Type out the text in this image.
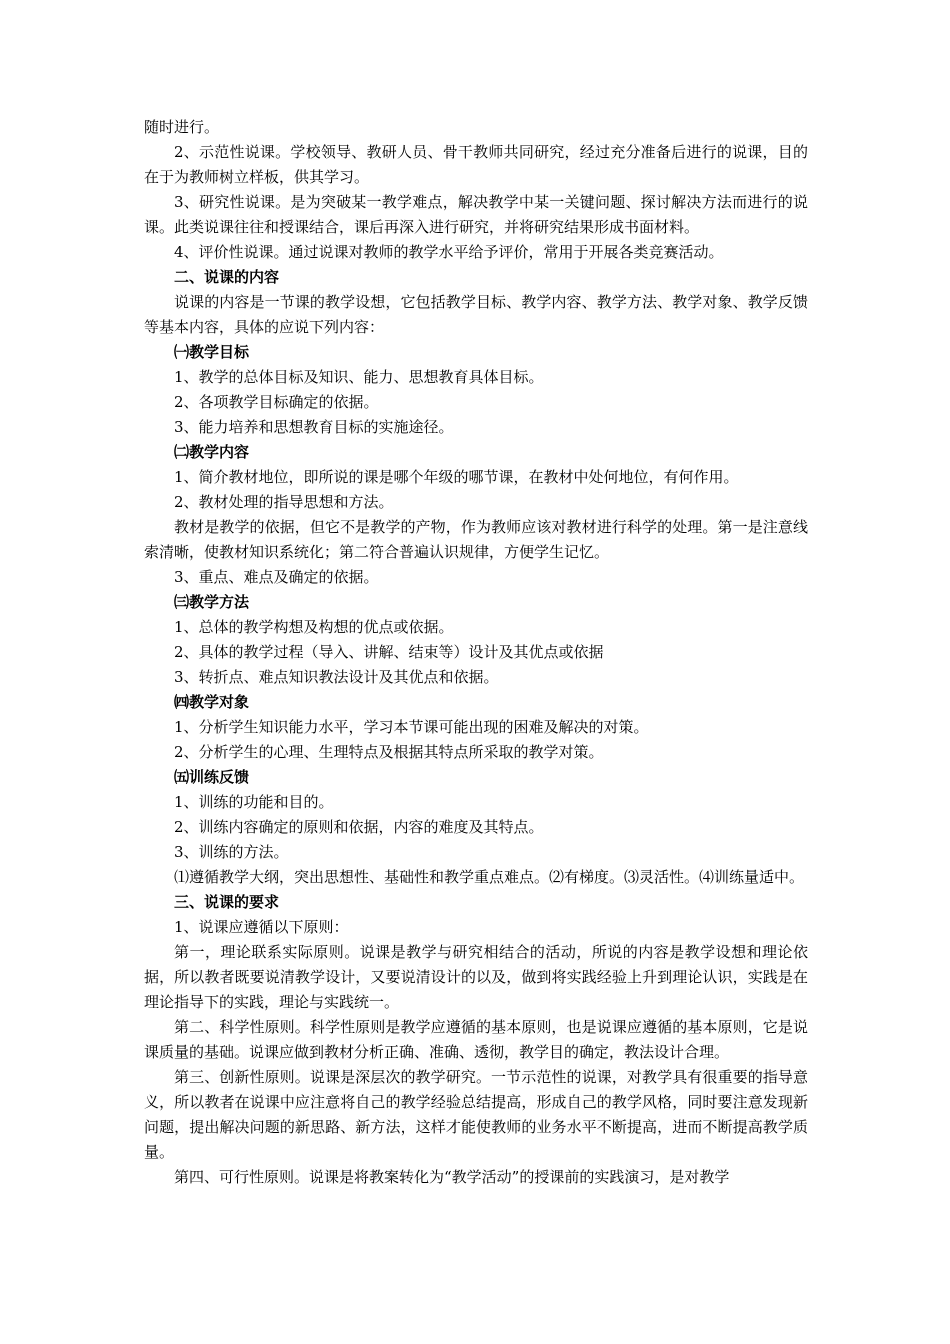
随时进行。

2、示范性说课。学校领导、教研人员、骨干教师共同研究，经过充分准备后进行的说课，目的在于为教师树立样板，供其学习。

3、研究性说课。是为突破某一教学难点，解决教学中某一关键问题、探讨解决方法而进行的说课。此类说课往往和授课结合，课后再深入进行研究，并将研究结果形成书面材料。

4、评价性说课。通过说课对教师的教学水平给予评价，常用于开展各类竞赛活动。

二、说课的内容

说课的内容是一节课的教学设想，它包括教学目标、教学内容、教学方法、教学对象、教学反馈等基本内容，具体的应说下列内容：

㈠教学目标

1、教学的总体目标及知识、能力、思想教育具体目标。

2、各项教学目标确定的依据。

3、能力培养和思想教育目标的实施途径。

㈡教学内容

1、简介教材地位，即所说的课是哪个年级的哪节课，在教材中处何地位，有何作用。

2、教材处理的指导思想和方法。

教材是教学的依据，但它不是教学的产物，作为教师应该对教材进行科学的处理。第一是注意线索清晰，使教材知识系统化；第二符合普遍认识规律，方便学生记忆。

3、重点、难点及确定的依据。

㈢教学方法

1、总体的教学构想及构想的优点或依据。

2、具体的教学过程（导入、讲解、结束等）设计及其优点或依据

3、转折点、难点知识教法设计及其优点和依据。

㈣教学对象

1、分析学生知识能力水平，学习本节课可能出现的困难及解决的对策。

2、分析学生的心理、生理特点及根据其特点所采取的教学对策。

㈤训练反馈

1、训练的功能和目的。

2、训练内容确定的原则和依据，内容的难度及其特点。

3、训练的方法。

⑴遵循教学大纲，突出思想性、基础性和教学重点难点。⑵有梯度。⑶灵活性。⑷训练量适中。

三、说课的要求

1、说课应遵循以下原则：

第一，理论联系实际原则。说课是教学与研究相结合的活动，所说的内容是教学设想和理论依据，所以教者既要说清教学设计，又要说清设计的以及，做到将实践经验上升到理论认识，实践是在理论指导下的实践，理论与实践统一。

第二、科学性原则。科学性原则是教学应遵循的基本原则，也是说课应遵循的基本原则，它是说课质量的基础。说课应做到教材分析正确、准确、透彻，教学目的确定，教法设计合理。

第三、创新性原则。说课是深层次的教学研究。一节示范性的说课，对教学具有很重要的指导意义，所以教者在说课中应注意将自己的教学经验总结提高，形成自己的教学风格，同时要注意发现新问题，提出解决问题的新思路、新方法，这样才能使教师的业务水平不断提高，进而不断提高教学质量。

第四、可行性原则。说课是将教案转化为“教学活动”的授课前的实践演习，是对教学
